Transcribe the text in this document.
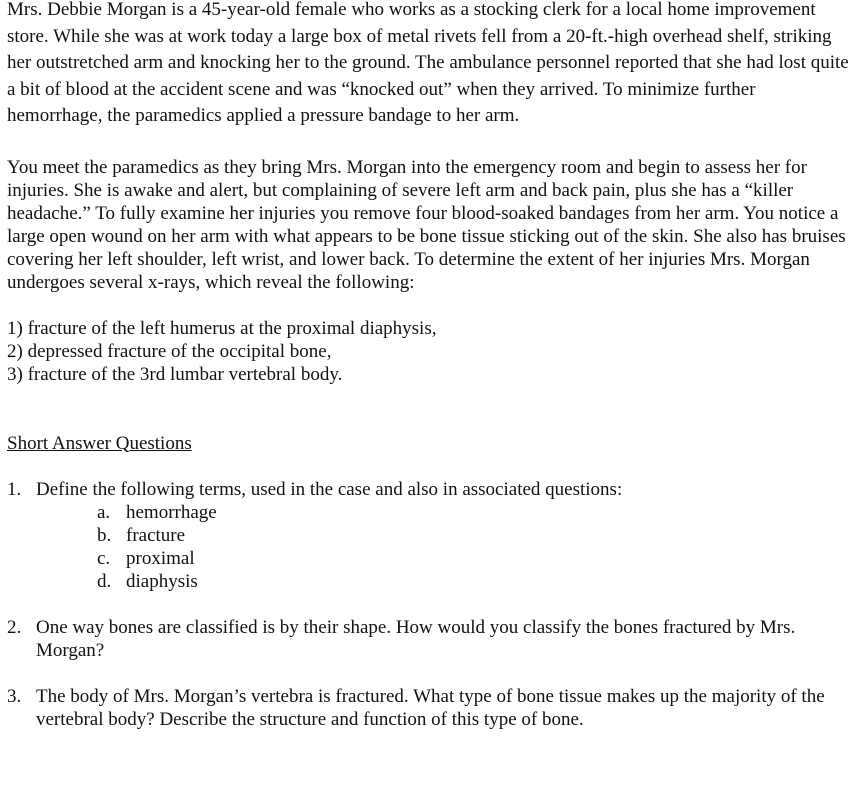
Mrs. Debbie Morgan is a 45-year-old female who works as a stocking clerk for a local home improvement store. While she was at work today a large box of metal rivets fell from a 20-ft.-high overhead shelf, striking her outstretched arm and knocking her to the ground. The ambulance personnel reported that she had lost quite a bit of blood at the accident scene and was “knocked out” when they arrived. To minimize further hemorrhage, the paramedics applied a pressure bandage to her arm.

You meet the paramedics as they bring Mrs. Morgan into the emergency room and begin to assess her for injuries. She is awake and alert, but complaining of severe left arm and back pain, plus she has a “killer headache.” To fully examine her injuries you remove four blood-soaked bandages from her arm. You notice a large open wound on her arm with what appears to be bone tissue sticking out of the skin. She also has bruises covering her left shoulder, left wrist, and lower back. To determine the extent of her injuries Mrs. Morgan undergoes several x-rays, which reveal the following:

1) fracture of the left humerus at the proximal diaphysis,
2) depressed fracture of the occipital bone,
3) fracture of the 3rd lumbar vertebral body.

Short Answer Questions

1. Define the following terms, used in the case and also in associated questions:
a. hemorrhage
b. fracture
c. proximal
d. diaphysis
2. One way bones are classified is by their shape. How would you classify the bones fractured by Mrs. Morgan?
3. The body of Mrs. Morgan’s vertebra is fractured. What type of bone tissue makes up the majority of the vertebral body? Describe the structure and function of this type of bone.
